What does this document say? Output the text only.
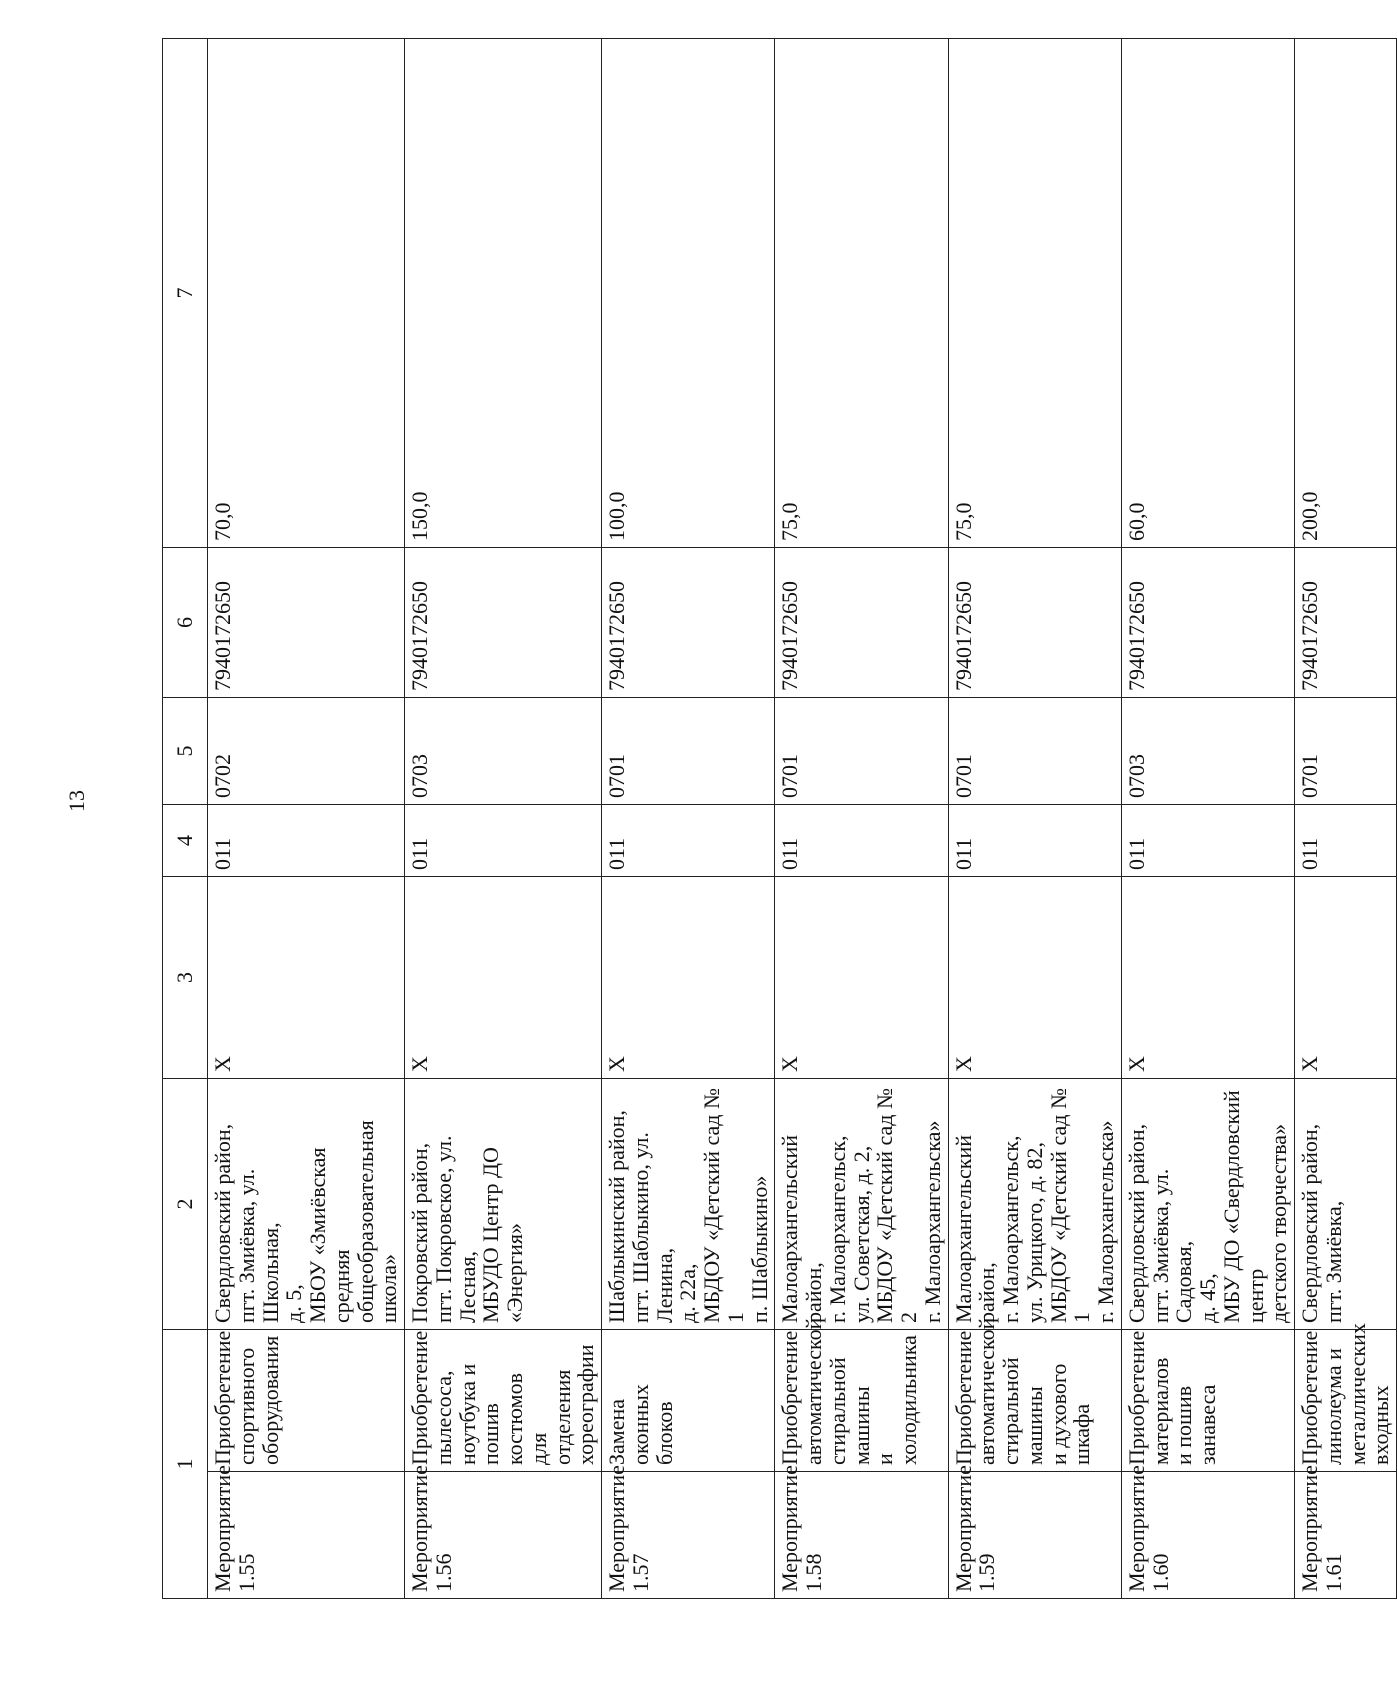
13
1		2	3	4	5	6	7
Мероприятие
1.55	Приобретение спортивного
оборудования	Свердловский район,
пгт. Змиёвка, ул. Школьная,
д. 5,
МБОУ «Змиёвская средняя
общеобразовательная школа»	X	011	0702	7940172650	70,0
Мероприятие
1.56	Приобретение пылесоса,
ноутбука и пошив
костюмов для отделения
хореографии	Покровский район,
пгт. Покровское, ул. Лесная,
МБУДО Центр ДО «Энергия»	X	011	0703	7940172650	150,0
Мероприятие
1.57	Замена оконных блоков	Шаблыкинский район,
пгт. Шаблыкино, ул. Ленина,
д. 22а,
МБДОУ «Детский сад № 1
п. Шаблыкино»	X	011	0701	7940172650	100,0
Мероприятие
1.58	Приобретение
автоматической стиральной
машины
и холодильника	Малоархангельский район,
г. Малоархангельск,
ул. Советская, д. 2,
МБДОУ «Детский сад № 2
г. Малоархангельска»	X	011	0701	7940172650	75,0
Мероприятие
1.59	Приобретение
автоматической стиральной
машины
и духового шкафа	Малоархангельский район,
г. Малоархангельск,
ул. Урицкого, д. 82,
МБДОУ «Детский сад № 1
г. Малоархангельска»	X	011	0701	7940172650	75,0
Мероприятие
1.60	Приобретение материалов
и пошив занавеса	Свердловский район,
пгт. Змиёвка, ул. Садовая,
д. 45,
МБУ ДО «Свердловский центр
детского творчества»	X	011	0703	7940172650	60,0
Мероприятие
1.61	Приобретение линолеума и
металлических входных	Свердловский район,
пгт. Змиёвка,	X	011	0701	7940172650	200,0
